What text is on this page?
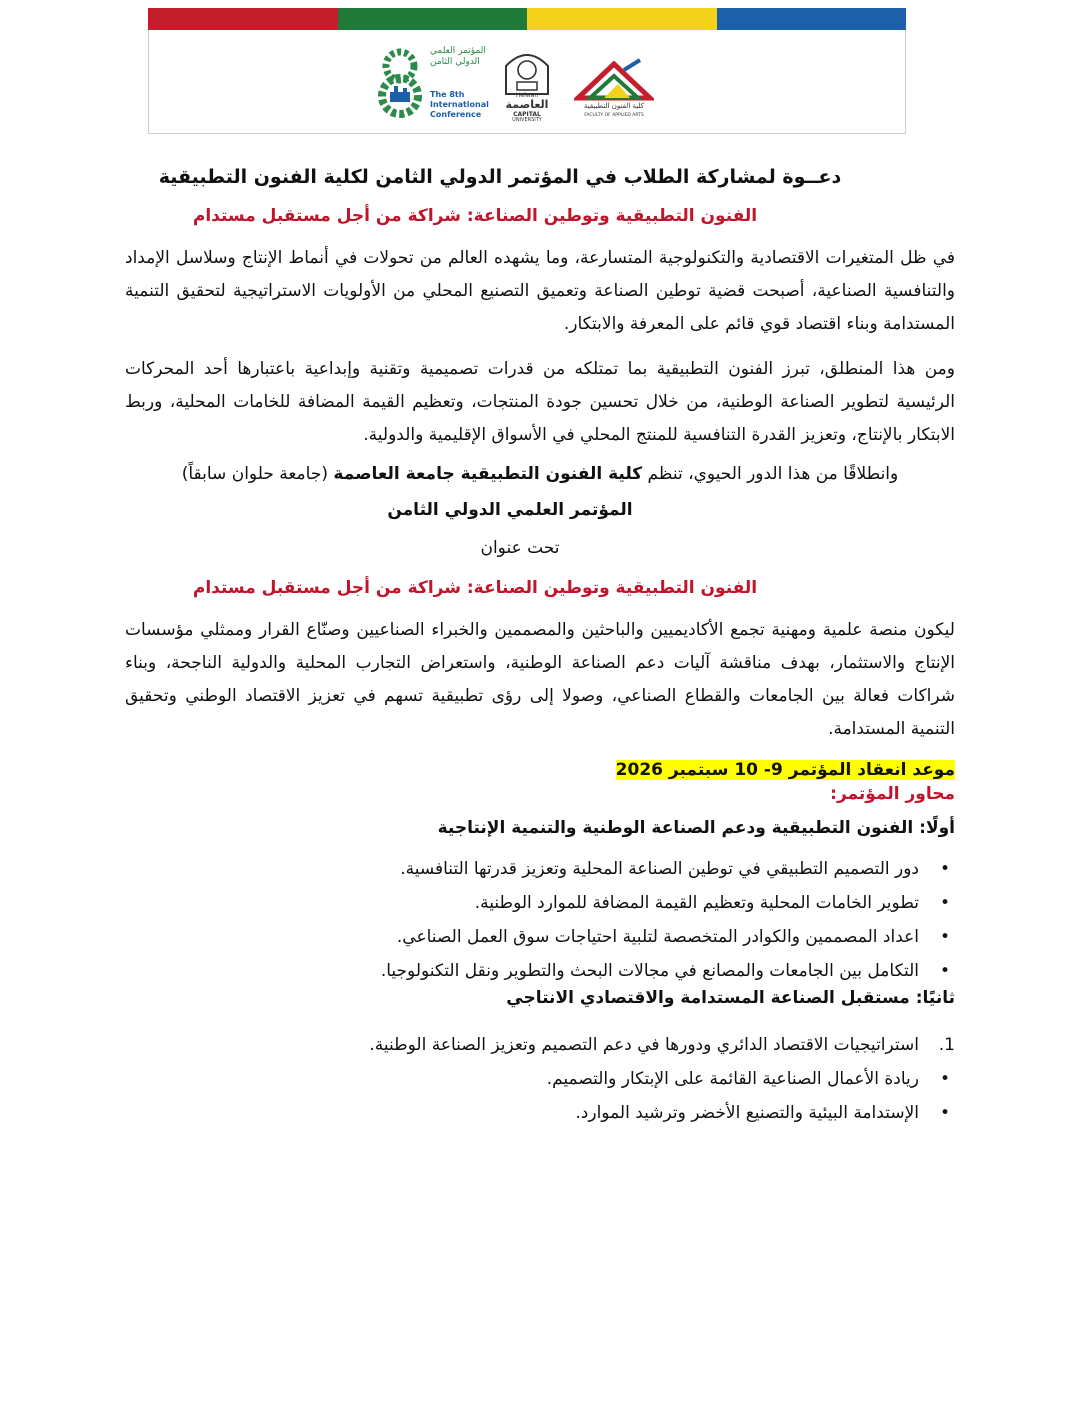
المؤتمر العلمي الدولي الثامن
The 8th International Conference
Helwan
العاصمة
CAPITAL
UNIVERSITY
كلية الفنون التطبيقية
FACULTY OF APPLIED ARTS
دعــوة لمشاركة الطلاب في المؤتمر الدولي الثامن لكلية الفنون التطبيقية
الفنون التطبيقية وتوطين الصناعة: شراكة من أجل مستقبل مستدام

في ظل المتغيرات الاقتصادية والتكنولوجية المتسارعة، وما يشهده العالم من تحولات في أنماط الإنتاج وسلاسل الإمداد والتنافسية الصناعية، أصبحت قضية توطين الصناعة وتعميق التصنيع المحلي من الأولويات الاستراتيجية لتحقيق التنمية المستدامة وبناء اقتصاد قوي قائم على المعرفة والابتكار.

ومن هذا المنطلق، تبرز الفنون التطبيقية بما تمتلكه من قدرات تصميمية وتقنية وإبداعية باعتبارها أحد المحركات الرئيسية لتطوير الصناعة الوطنية، من خلال تحسين جودة المنتجات، وتعظيم القيمة المضافة للخامات المحلية، وربط الابتكار بالإنتاج، وتعزيز القدرة التنافسية للمنتج المحلي في الأسواق الإقليمية والدولية.

وانطلاقًا من هذا الدور الحيوي، تنظم كلية الفنون التطبيقية جامعة العاصمة (جامعة حلوان سابقاً)
المؤتمر العلمي الدولي الثامن
تحت عنوان
الفنون التطبيقية وتوطين الصناعة: شراكة من أجل مستقبل مستدام

ليكون منصة علمية ومهنية تجمع الأكاديميين والباحثين والمصممين والخبراء الصناعيين وصنّاع القرار وممثلي مؤسسات الإنتاج والاستثمار، بهدف مناقشة آليات دعم الصناعة الوطنية، واستعراض التجارب المحلية والدولية الناجحة، وبناء شراكات فعالة بين الجامعات والقطاع الصناعي، وصولا إلى رؤى تطبيقية تسهم في تعزيز الاقتصاد الوطني وتحقيق التنمية المستدامة.

موعد انعقاد المؤتمر 9- 10 سبتمبر 2026
محاور المؤتمر:
أولًا: الفنون التطبيقية ودعم الصناعة الوطنية والتنمية الإنتاجية
•
دور التصميم التطبيقي في توطين الصناعة المحلية وتعزيز قدرتها التنافسية.
•
تطوير الخامات المحلية وتعظيم القيمة المضافة للموارد الوطنية.
•
اعداد المصممين والكوادر المتخصصة لتلبية احتياجات سوق العمل الصناعي.
•
التكامل بين الجامعات والمصانع في مجالات البحث والتطوير ونقل التكنولوجيا.
ثانيًا: مستقبل الصناعة المستدامة والاقتصادي الانتاجي
1.
استراتيجيات الاقتصاد الدائري ودورها في دعم التصميم وتعزيز الصناعة الوطنية.
•
ريادة الأعمال الصناعية القائمة على الإبتكار والتصميم.
•
الإستدامة البيئية والتصنيع الأخضر وترشيد الموارد.
